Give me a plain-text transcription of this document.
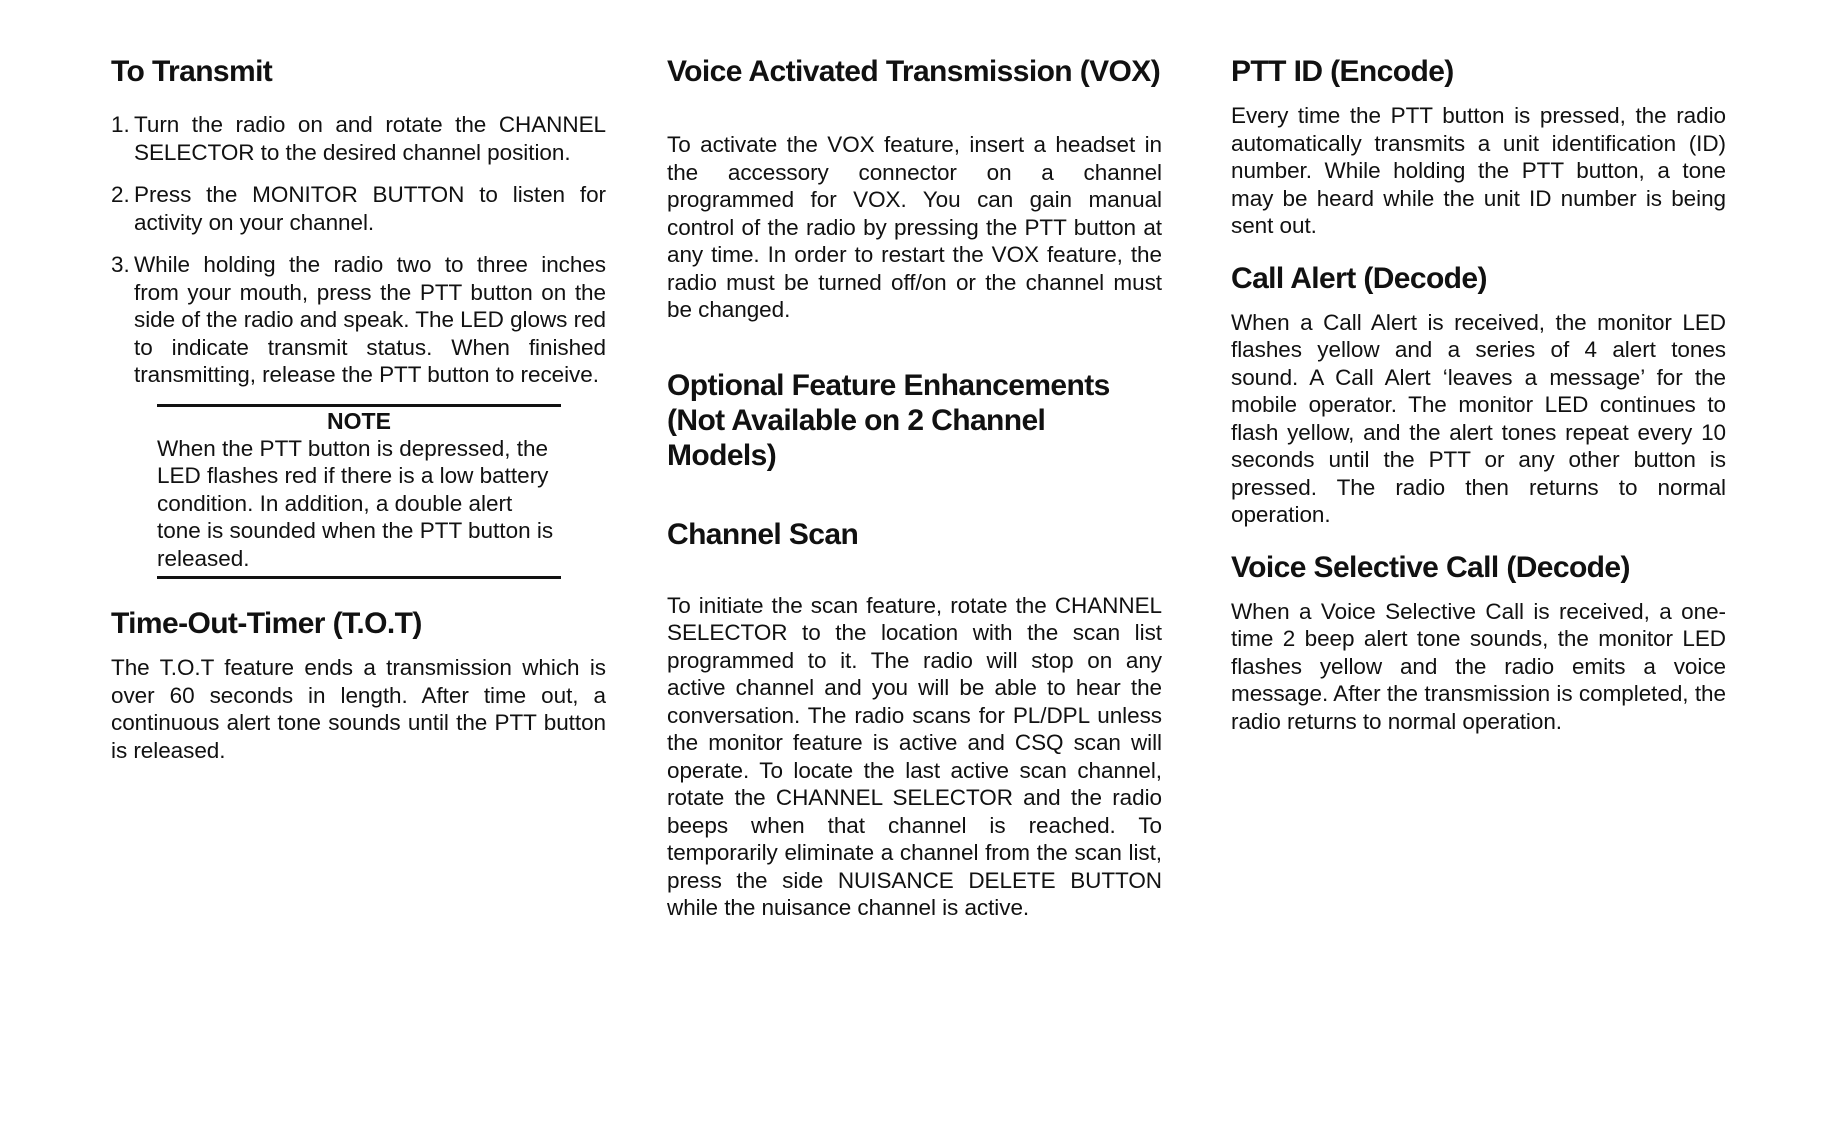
To Transmit
1. Turn the radio on and rotate the CHANNEL SELECTOR to the desired channel position.
2. Press the MONITOR BUTTON to listen for activity on your channel.
3. While holding the radio two to three inches from your mouth, press the PTT button on the side of the radio and speak. The LED glows red to indicate transmit status. When finished transmitting, release the PTT button to receive.
NOTE
When the PTT button is depressed, the LED flashes red if there is a low battery condition. In addition, a double alert tone is sounded when the PTT button is released.
Time-Out-Timer (T.O.T)

The T.O.T feature ends a transmission which is over 60 seconds in length. After time out, a continuous alert tone sounds until the PTT button is released.

Voice Activated Transmission (VOX)

To activate the VOX feature, insert a headset in the accessory connector on a channel programmed for VOX. You can gain manual control of the radio by pressing the PTT button at any time. In order to restart the VOX feature, the radio must be turned off/on or the channel must be changed.

Optional Feature Enhancements (Not Available on 2 Channel Models)
Channel Scan

To initiate the scan feature, rotate the CHANNEL SELECTOR to the location with the scan list programmed to it. The radio will stop on any active channel and you will be able to hear the conversation. The radio scans for PL/DPL unless the monitor feature is active and CSQ scan will operate. To locate the last active scan channel, rotate the CHANNEL SELECTOR and the radio beeps when that channel is reached. To temporarily eliminate a channel from the scan list, press the side NUISANCE DELETE BUTTON while the nuisance channel is active.

PTT ID (Encode)

Every time the PTT button is pressed, the radio automatically transmits a unit identification (ID) number. While holding the PTT button, a tone may be heard while the unit ID number is being sent out.

Call Alert (Decode)

When a Call Alert is received, the monitor LED flashes yellow and a series of 4 alert tones sound. A Call Alert ‘leaves a message’ for the mobile operator. The monitor LED continues to flash yellow, and the alert tones repeat every 10 seconds until the PTT or any other button is pressed. The radio then returns to normal operation.

Voice Selective Call (Decode)

When a Voice Selective Call is received, a one-time 2 beep alert tone sounds, the monitor LED flashes yellow and the radio emits a voice message. After the transmission is completed, the radio returns to normal operation.
